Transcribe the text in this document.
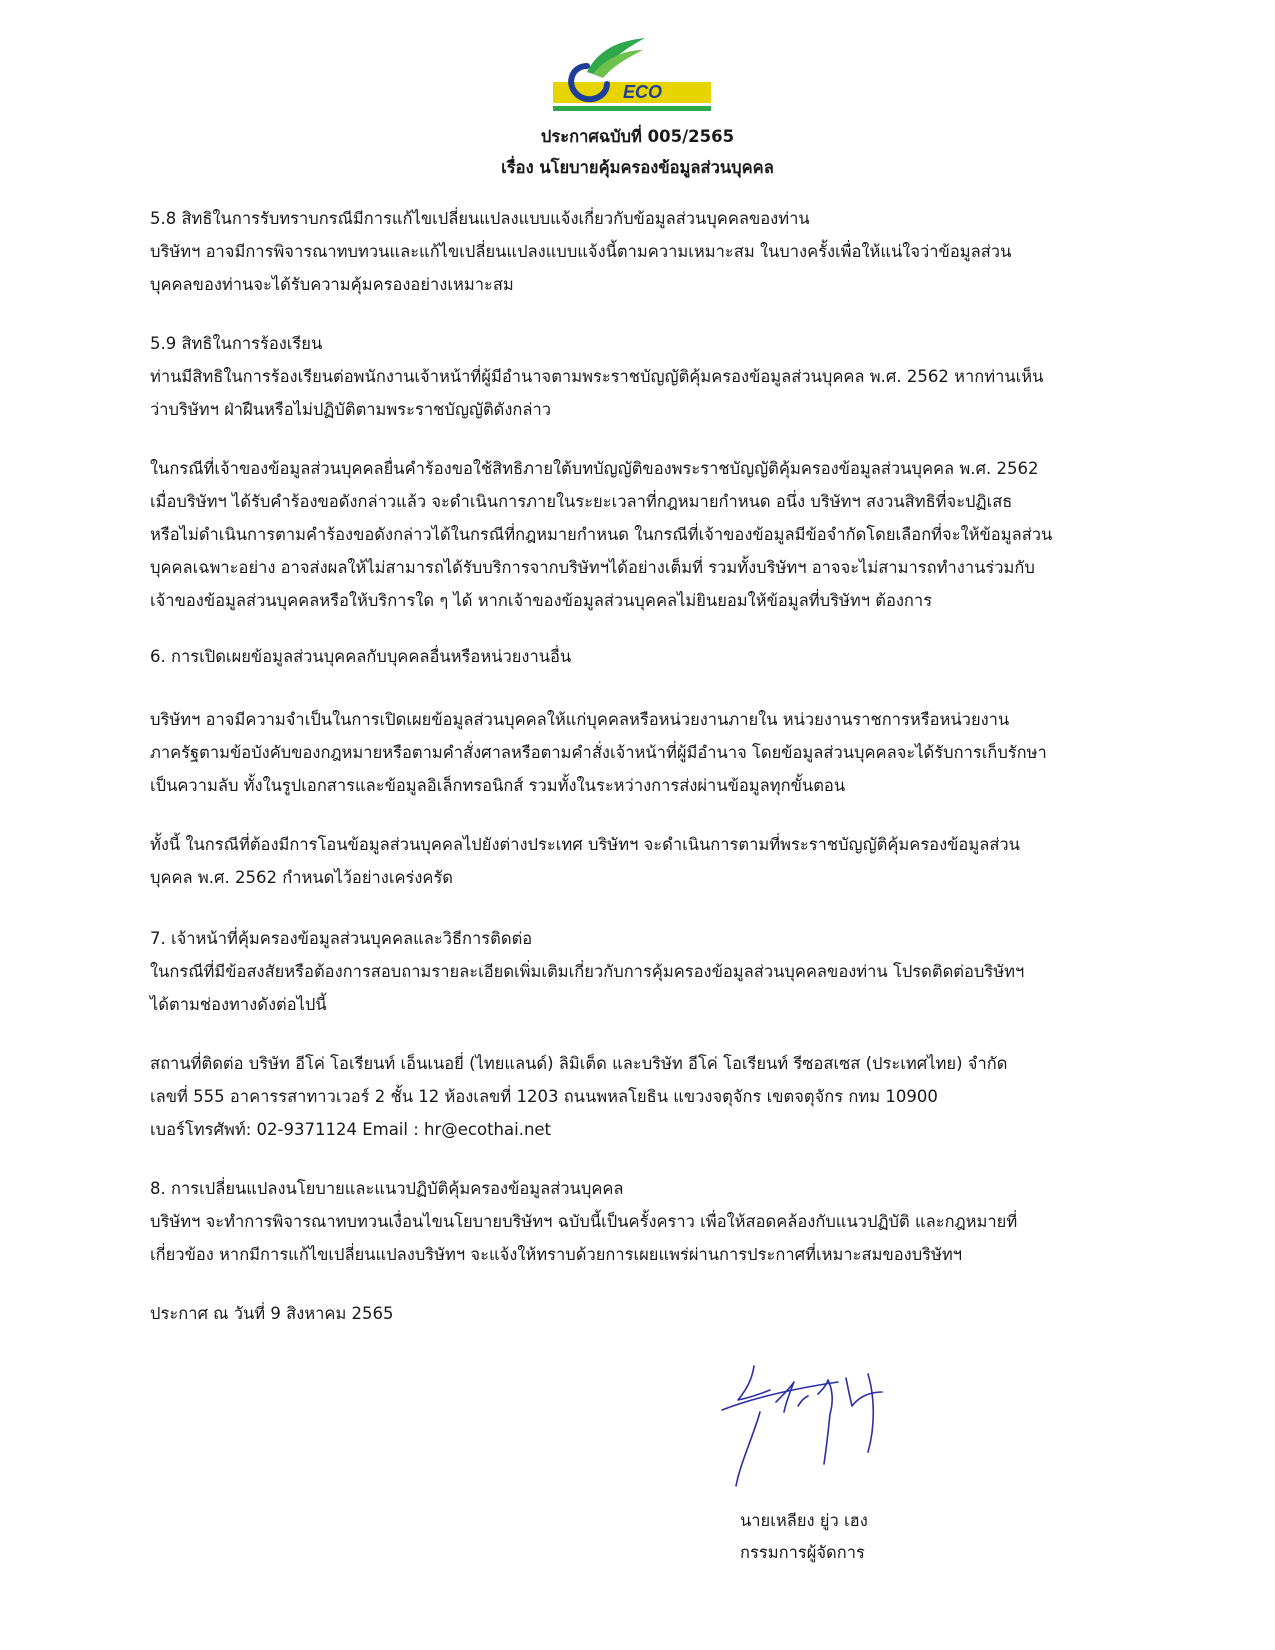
ECO
ประกาศฉบับที่ 005/2565
เรื่อง นโยบายคุ้มครองข้อมูลส่วนบุคคล
5.8 สิทธิในการรับทราบกรณีมีการแก้ไขเปลี่ยนแปลงแบบแจ้งเกี่ยวกับข้อมูลส่วนบุคคลของท่าน
บริษัทฯ อาจมีการพิจารณาทบทวนและแก้ไขเปลี่ยนแปลงแบบแจ้งนี้ตามความเหมาะสม ในบางครั้งเพื่อให้แน่ใจว่าข้อมูลส่วน
บุคคลของท่านจะได้รับความคุ้มครองอย่างเหมาะสม
5.9 สิทธิในการร้องเรียน
ท่านมีสิทธิในการร้องเรียนต่อพนักงานเจ้าหน้าที่ผู้มีอำนาจตามพระราชบัญญัติคุ้มครองข้อมูลส่วนบุคคล พ.ศ. 2562 หากท่านเห็น
ว่าบริษัทฯ ฝ่าฝืนหรือไม่ปฏิบัติตามพระราชบัญญัติดังกล่าว
ในกรณีที่เจ้าของข้อมูลส่วนบุคคลยื่นคำร้องขอใช้สิทธิภายใต้บทบัญญัติของพระราชบัญญัติคุ้มครองข้อมูลส่วนบุคคล พ.ศ. 2562
เมื่อบริษัทฯ ได้รับคำร้องขอดังกล่าวแล้ว จะดำเนินการภายในระยะเวลาที่กฎหมายกำหนด อนึ่ง บริษัทฯ สงวนสิทธิที่จะปฏิเสธ
หรือไม่ดำเนินการตามคำร้องขอดังกล่าวได้ในกรณีที่กฎหมายกำหนด ในกรณีที่เจ้าของข้อมูลมีข้อจำกัดโดยเลือกที่จะให้ข้อมูลส่วน
บุคคลเฉพาะอย่าง อาจส่งผลให้ไม่สามารถได้รับบริการจากบริษัทฯได้อย่างเต็มที่ รวมทั้งบริษัทฯ อาจจะไม่สามารถทำงานร่วมกับ
เจ้าของข้อมูลส่วนบุคคลหรือให้บริการใด ๆ ได้ หากเจ้าของข้อมูลส่วนบุคคลไม่ยินยอมให้ข้อมูลที่บริษัทฯ ต้องการ
6. การเปิดเผยข้อมูลส่วนบุคคลกับบุคคลอื่นหรือหน่วยงานอื่น
บริษัทฯ อาจมีความจำเป็นในการเปิดเผยข้อมูลส่วนบุคคลให้แก่บุคคลหรือหน่วยงานภายใน หน่วยงานราชการหรือหน่วยงาน
ภาครัฐตามข้อบังคับของกฎหมายหรือตามคำสั่งศาลหรือตามคำสั่งเจ้าหน้าที่ผู้มีอำนาจ โดยข้อมูลส่วนบุคคลจะได้รับการเก็บรักษา
เป็นความลับ ทั้งในรูปเอกสารและข้อมูลอิเล็กทรอนิกส์ รวมทั้งในระหว่างการส่งผ่านข้อมูลทุกขั้นตอน
ทั้งนี้ ในกรณีที่ต้องมีการโอนข้อมูลส่วนบุคคลไปยังต่างประเทศ บริษัทฯ จะดำเนินการตามที่พระราชบัญญัติคุ้มครองข้อมูลส่วน
บุคคล พ.ศ. 2562 กำหนดไว้อย่างเคร่งครัด
7. เจ้าหน้าที่คุ้มครองข้อมูลส่วนบุคคลและวิธีการติดต่อ
ในกรณีที่มีข้อสงสัยหรือต้องการสอบถามรายละเอียดเพิ่มเติมเกี่ยวกับการคุ้มครองข้อมูลส่วนบุคคลของท่าน โปรดติดต่อบริษัทฯ
ได้ตามช่องทางดังต่อไปนี้
สถานที่ติดต่อ บริษัท อีโค่ โอเรียนท์ เอ็นเนอยี่ (ไทยแลนด์) ลิมิเต็ด และบริษัท อีโค่ โอเรียนท์ รีซอสเซส (ประเทศไทย) จำกัด
เลขที่ 555 อาคารรสาทาวเวอร์ 2 ชั้น 12 ห้องเลขที่ 1203 ถนนพหลโยธิน แขวงจตุจักร เขตจตุจักร กทม 10900
เบอร์โทรศัพท์: 02-9371124 Email : hr@ecothai.net
8. การเปลี่ยนแปลงนโยบายและแนวปฏิบัติคุ้มครองข้อมูลส่วนบุคคล
บริษัทฯ จะทำการพิจารณาทบทวนเงื่อนไขนโยบายบริษัทฯ ฉบับนี้เป็นครั้งคราว เพื่อให้สอดคล้องกับแนวปฏิบัติ และกฎหมายที่
เกี่ยวข้อง หากมีการแก้ไขเปลี่ยนแปลงบริษัทฯ จะแจ้งให้ทราบด้วยการเผยแพร่ผ่านการประกาศที่เหมาะสมของบริษัทฯ
ประกาศ ณ วันที่ 9 สิงหาคม 2565
นายเหลียง ยู่ว เฮง
กรรมการผู้จัดการ
